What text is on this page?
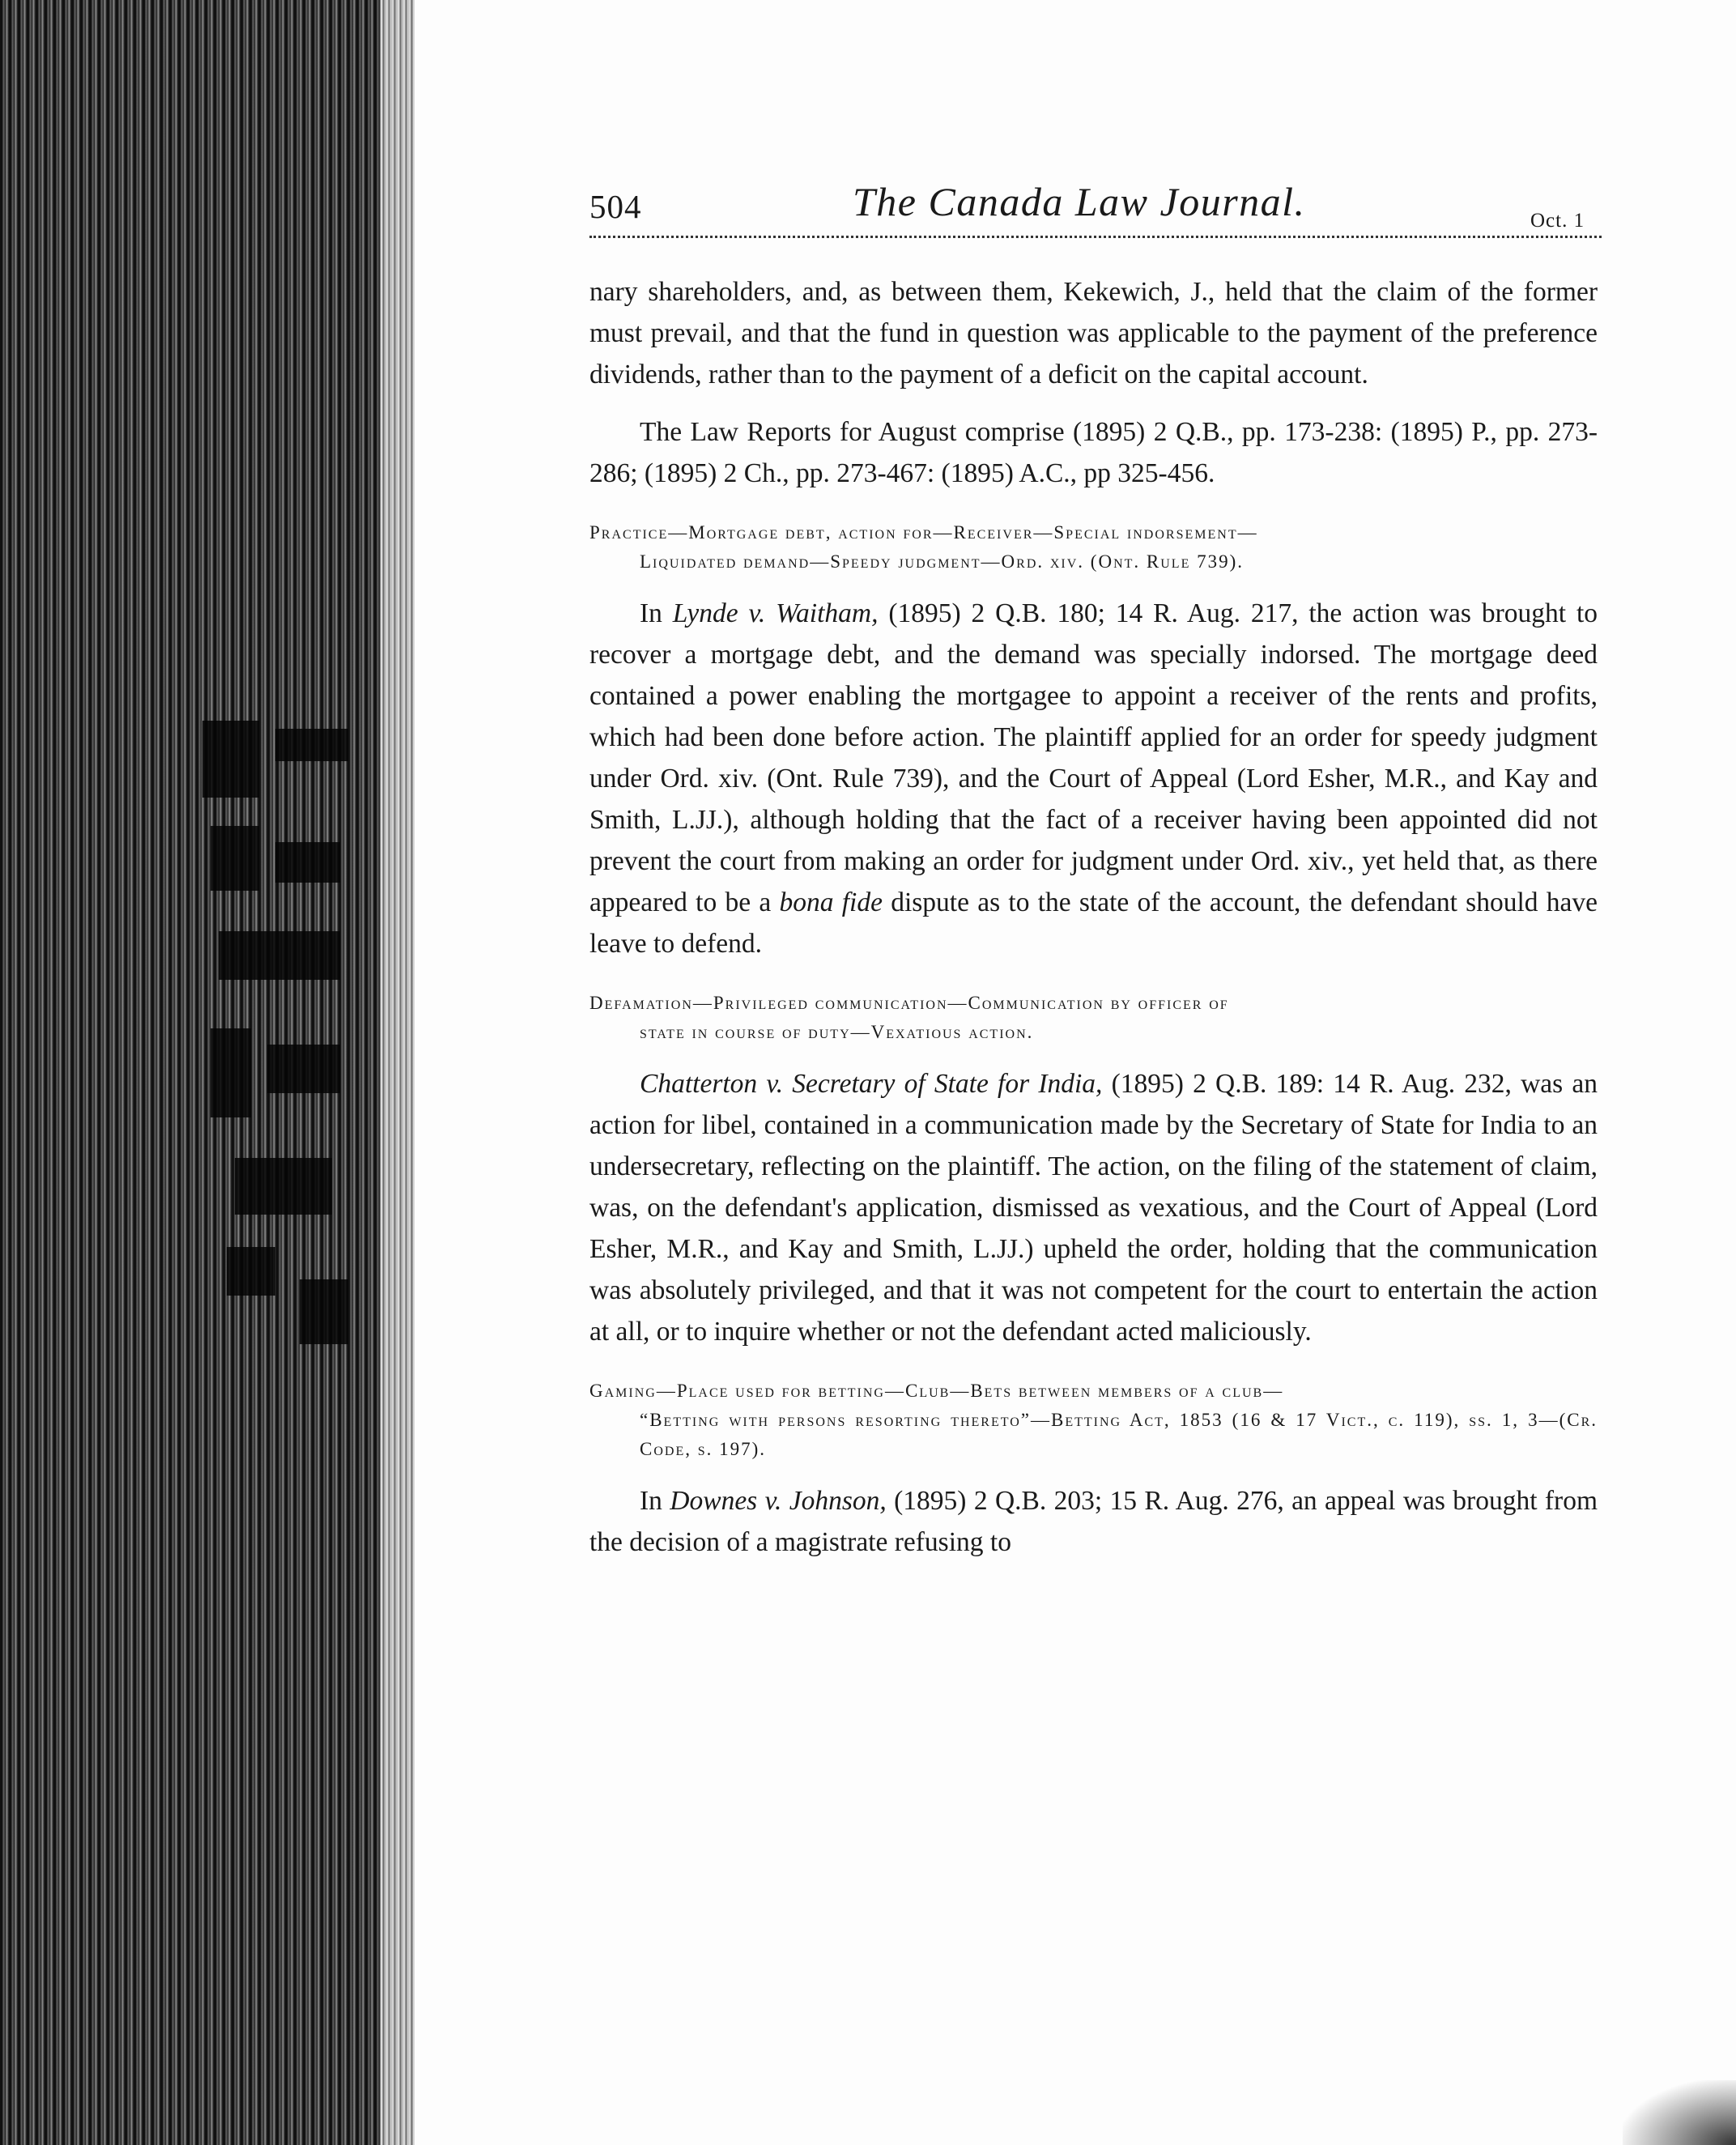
504	The Canada Law Journal.	Oct. 1

nary shareholders, and, as between them, Kekewich, J., held that the claim of the former must prevail, and that the fund in question was applicable to the payment of the preference dividends, rather than to the payment of a deficit on the capital account.

The Law Reports for August comprise (1895) 2 Q.B., pp. 173-238: (1895) P., pp. 273-286; (1895) 2 Ch., pp. 273-467: (1895) A.C., pp 325-456.

Practice—Mortgage debt, action for—Receiver—Special indorsement—
Liquidated demand—Speedy judgment—Ord. xiv. (Ont. Rule 739).

In Lynde v. Waitham, (1895) 2 Q.B. 180; 14 R. Aug. 217, the action was brought to recover a mortgage debt, and the demand was specially indorsed. The mortgage deed contained a power enabling the mortgagee to appoint a receiver of the rents and profits, which had been done before action. The plaintiff applied for an order for speedy judgment under Ord. xiv. (Ont. Rule 739), and the Court of Appeal (Lord Esher, M.R., and Kay and Smith, L.JJ.), although holding that the fact of a receiver having been appointed did not prevent the court from making an order for judgment under Ord. xiv., yet held that, as there appeared to be a bona fide dispute as to the state of the account, the defendant should have leave to defend.

Defamation—Privileged communication—Communication by officer of
state in course of duty—Vexatious action.

Chatterton v. Secretary of State for India, (1895) 2 Q.B. 189: 14 R. Aug. 232, was an action for libel, contained in a communication made by the Secretary of State for India to an undersecretary, reflecting on the plaintiff. The action, on the filing of the statement of claim, was, on the defendant's application, dismissed as vexatious, and the Court of Appeal (Lord Esher, M.R., and Kay and Smith, L.JJ.) upheld the order, holding that the communication was absolutely privileged, and that it was not competent for the court to entertain the action at all, or to inquire whether or not the defendant acted maliciously.

Gaming—Place used for betting—Club—Bets between members of a club—
“Betting with persons resorting thereto”—Betting Act, 1853 (16 & 17 Vict., c. 119), ss. 1, 3—(Cr. Code, s. 197).

In Downes v. Johnson, (1895) 2 Q.B. 203; 15 R. Aug. 276, an appeal was brought from the decision of a magistrate refusing to
